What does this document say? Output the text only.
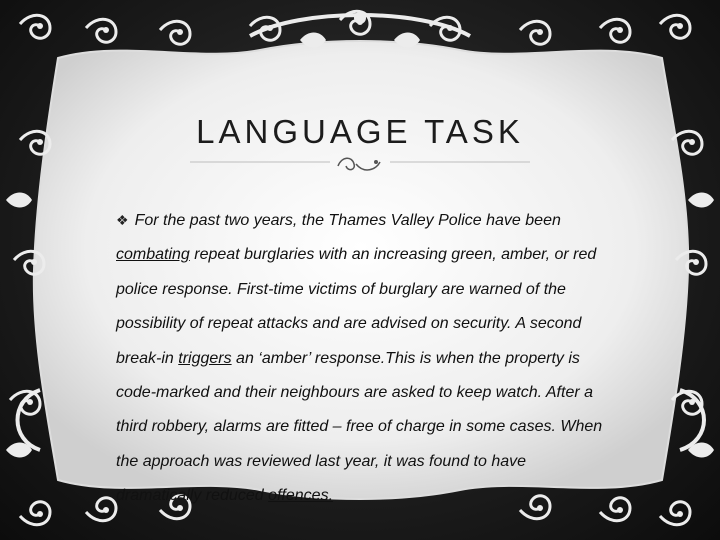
LANGUAGE TASK
❖ For the past two years, the Thames Valley Police have been combating repeat burglaries with an increasing green, amber, or red police response. First-time victims of burglary are warned of the possibility of repeat attacks and are advised on security. A second break-in triggers an ‘amber’ response.This is when the property is code-marked and their neighbours are asked to keep watch. After a third robbery, alarms are fitted – free of charge in some cases. When the approach was reviewed last year, it was found to have dramatically reduced offences.
